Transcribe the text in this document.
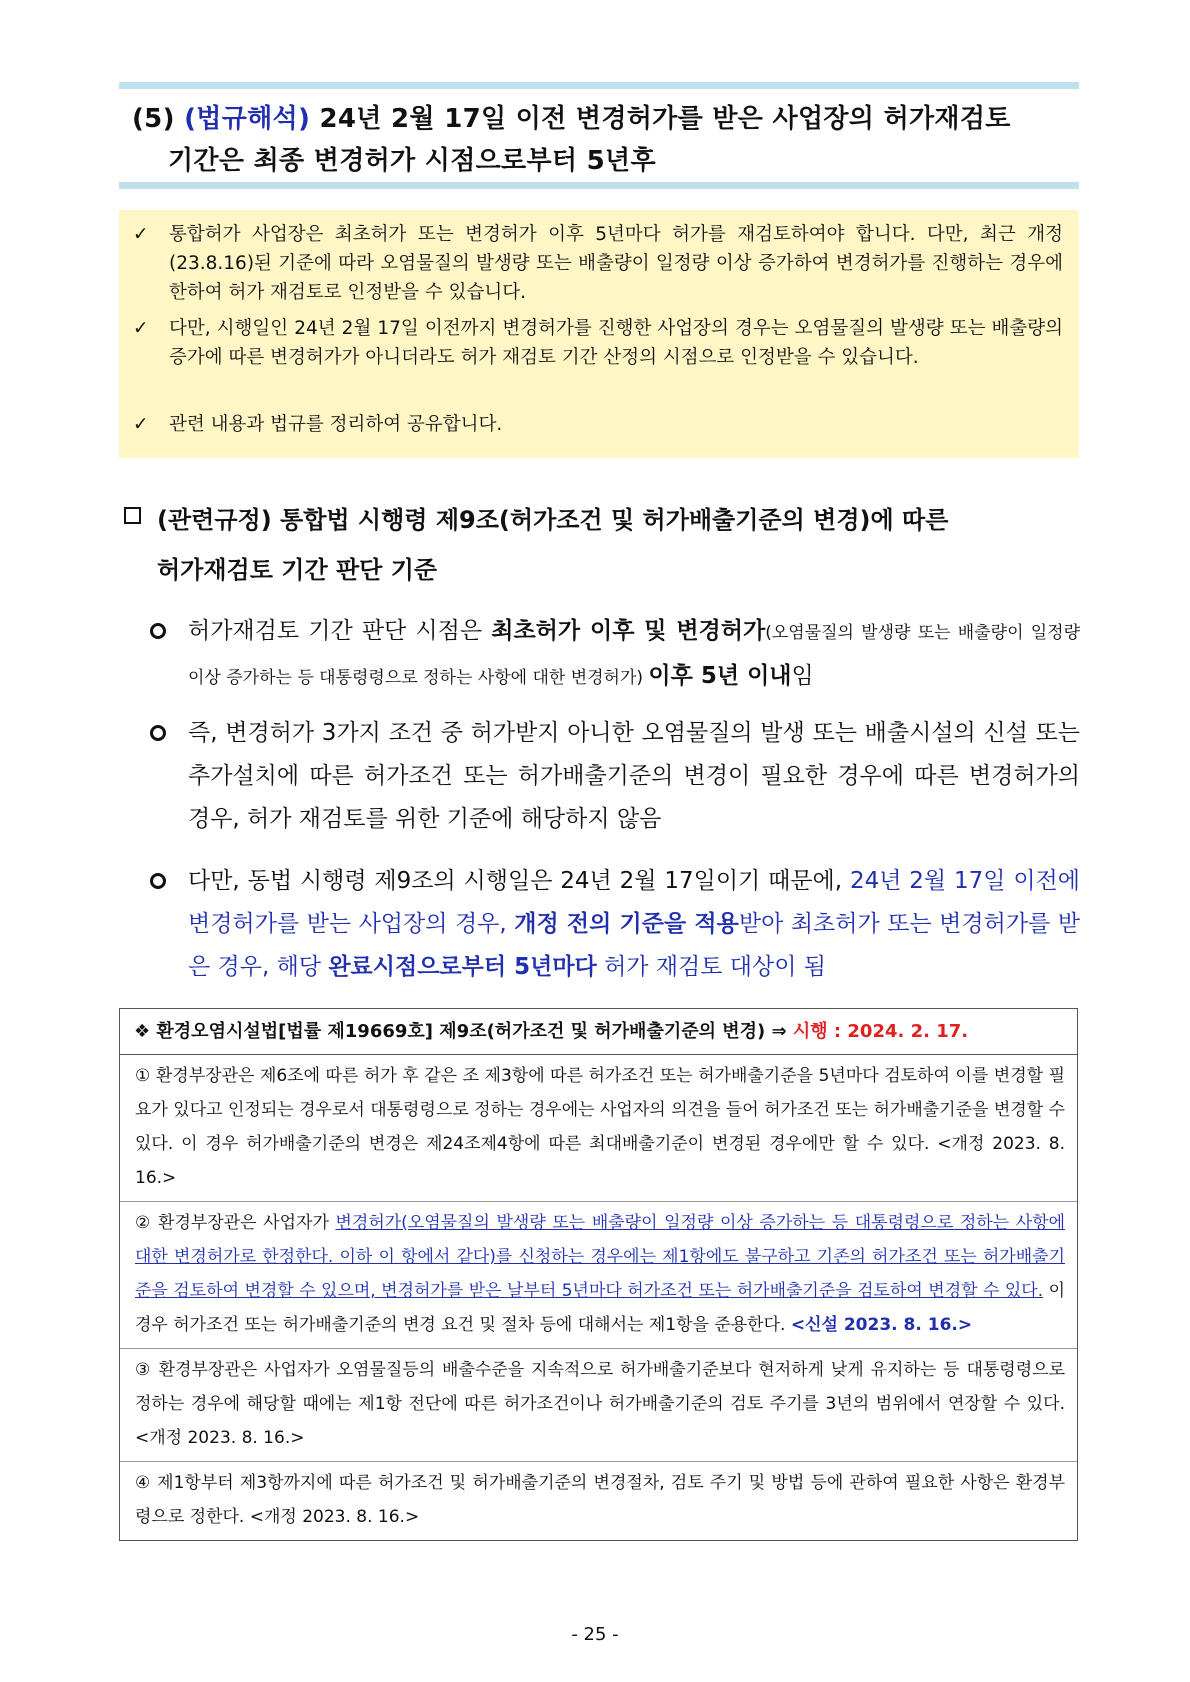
(5) (법규해석) 24년 2월 17일 이전 변경허가를 받은 사업장의 허가재검토
기간은 최종 변경허가 시점으로부터 5년후
✓	통합허가 사업장은 최초허가 또는 변경허가 이후 5년마다 허가를 재검토하여야 합니다. 다만, 최근 개정(23.8.16)된 기준에 따라 오염물질의 발생량 또는 배출량이 일정량 이상 증가하여 변경허가를 진행하는 경우에 한하여 허가 재검토로 인정받을 수 있습니다.
✓	다만, 시행일인 24년 2월 17일 이전까지 변경허가를 진행한 사업장의 경우는 오염물질의 발생량 또는 배출량의 증가에 따른 변경허가가 아니더라도 허가 재검토 기간 산정의 시점으로 인정받을 수 있습니다.
✓	관련 내용과 법규를 정리하여 공유합니다.
(관련규정) 통합법 시행령 제9조(허가조건 및 허가배출기준의 변경)에 따른
허가재검토 기간 판단 기준
허가재검토 기간 판단 시점은 최초허가 이후 및 변경허가(오염물질의 발생량 또는 배출량이 일정량 이상 증가하는 등 대통령령으로 정하는 사항에 대한 변경허가) 이후 5년 이내임
즉, 변경허가 3가지 조건 중 허가받지 아니한 오염물질의 발생 또는 배출시설의 신설 또는 추가설치에 따른 허가조건 또는 허가배출기준의 변경이 필요한 경우에 따른 변경허가의 경우, 허가 재검토를 위한 기준에 해당하지 않음
다만, 동법 시행령 제9조의 시행일은 24년 2월 17일이기 때문에, 24년 2월 17일 이전에 변경허가를 받는 사업장의 경우, 개정 전의 기준을 적용받아 최초허가 또는 변경허가를 받은 경우, 해당 완료시점으로부터 5년마다 허가 재검토 대상이 됨
❖ 환경오염시설법[법률 제19669호] 제9조(허가조건 및 허가배출기준의 변경) ⇒ 시행 : 2024. 2. 17.
① 환경부장관은 제6조에 따른 허가 후 같은 조 제3항에 따른 허가조건 또는 허가배출기준을 5년마다 검토하여 이를 변경할 필요가 있다고 인정되는 경우로서 대통령령으로 정하는 경우에는 사업자의 의견을 들어 허가조건 또는 허가배출기준을 변경할 수 있다. 이 경우 허가배출기준의 변경은 제24조제4항에 따른 최대배출기준이 변경된 경우에만 할 수 있다. <개정 2023. 8. 16.>
② 환경부장관은 사업자가 변경허가(오염물질의 발생량 또는 배출량이 일정량 이상 증가하는 등 대통령령으로 정하는 사항에 대한 변경허가로 한정한다. 이하 이 항에서 같다)를 신청하는 경우에는 제1항에도 불구하고 기존의 허가조건 또는 허가배출기준을 검토하여 변경할 수 있으며, 변경허가를 받은 날부터 5년마다 허가조건 또는 허가배출기준을 검토하여 변경할 수 있다. 이 경우 허가조건 또는 허가배출기준의 변경 요건 및 절차 등에 대해서는 제1항을 준용한다. <신설 2023. 8. 16.>
③ 환경부장관은 사업자가 오염물질등의 배출수준을 지속적으로 허가배출기준보다 현저하게 낮게 유지하는 등 대통령령으로 정하는 경우에 해당할 때에는 제1항 전단에 따른 허가조건이나 허가배출기준의 검토 주기를 3년의 범위에서 연장할 수 있다. <개정 2023. 8. 16.>
④ 제1항부터 제3항까지에 따른 허가조건 및 허가배출기준의 변경절차, 검토 주기 및 방법 등에 관하여 필요한 사항은 환경부령으로 정한다. <개정 2023. 8. 16.>
- 25 -
